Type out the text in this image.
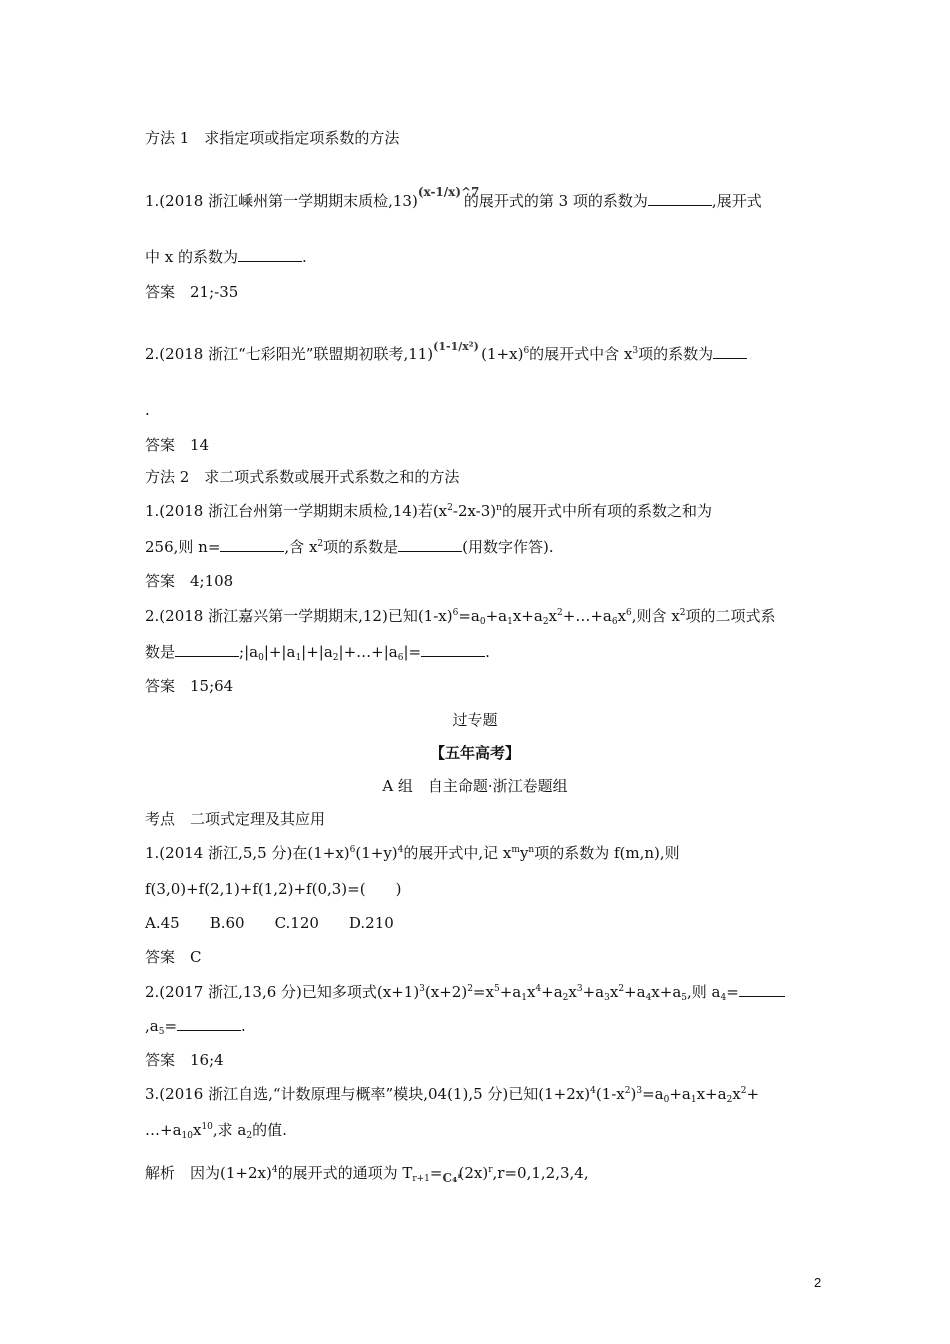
方法 1　求指定项或指定项系数的方法
1.(2018 浙江嵊州第一学期期末质检,13) (x-1/x)^7
的展开式的第 3 项的系数为	,展开式
中 x 的系数为	.
答案　21;-35
2.(2018 浙江“七彩阳光”联盟期初联考,11) (1-1/x²) $(1+x)^6$的展开式中含 $x^3$项的系数为
.
答案　14
方法 2　求二项式系数或展开式系数之和的方法
1.(2018 浙江台州第一学期期末质检,14)若$(x^2-2x-3)^n$的展开式中所有项的系数之和为
256,则 n=	,含 $x^2$项的系数是	(用数字作答).
答案　4;108
2.(2018 浙江嘉兴第一学期期末,12)已知$(1-x)^6=a_0+a_1x+a_2x^2+\dots+a_6x^6$,则含 $x^2$项的二项式系
数是	$;|a_0|+|a_1|+|a_2|+\dots+|a_6|=$	.
答案　15;64
过专题
【五年高考】
A 组　自主命题·浙江卷题组
考点　二项式定理及其应用
1.(2014 浙江,5,5 分)在$(1+x)^6(1+y)^4$的展开式中,记 $x^my^n$项的系数为 f(m,n),则
f(3,0)+f(2,1)+f(1,2)+f(0,3)=(　　)
A.45　　B.60　　C.120　　D.210
答案　C
2.(2017 浙江,13,6 分)已知多项式$(x+1)^3(x+2)^2=x^5+a_1x^4+a_2x^3+a_3x^2+a_4x+a_5$,则 $a_4=$
$,a_5=$	.
答案　16;4
3.(2016 浙江自选,“计数原理与概率”模块,04(1),5 分)已知$(1+2x)^4(1-x^2)^3=a_0+a_1x+a_2x^2+$
$\dots+a_{10}x^{10}$,求 $a_2$的值.
解析　因为$(1+2x)^4$的展开式的通项为 $T_{r+1}=$ C₄ʳ
$(2x)^r,r=0,1,2,3,4$,
2
